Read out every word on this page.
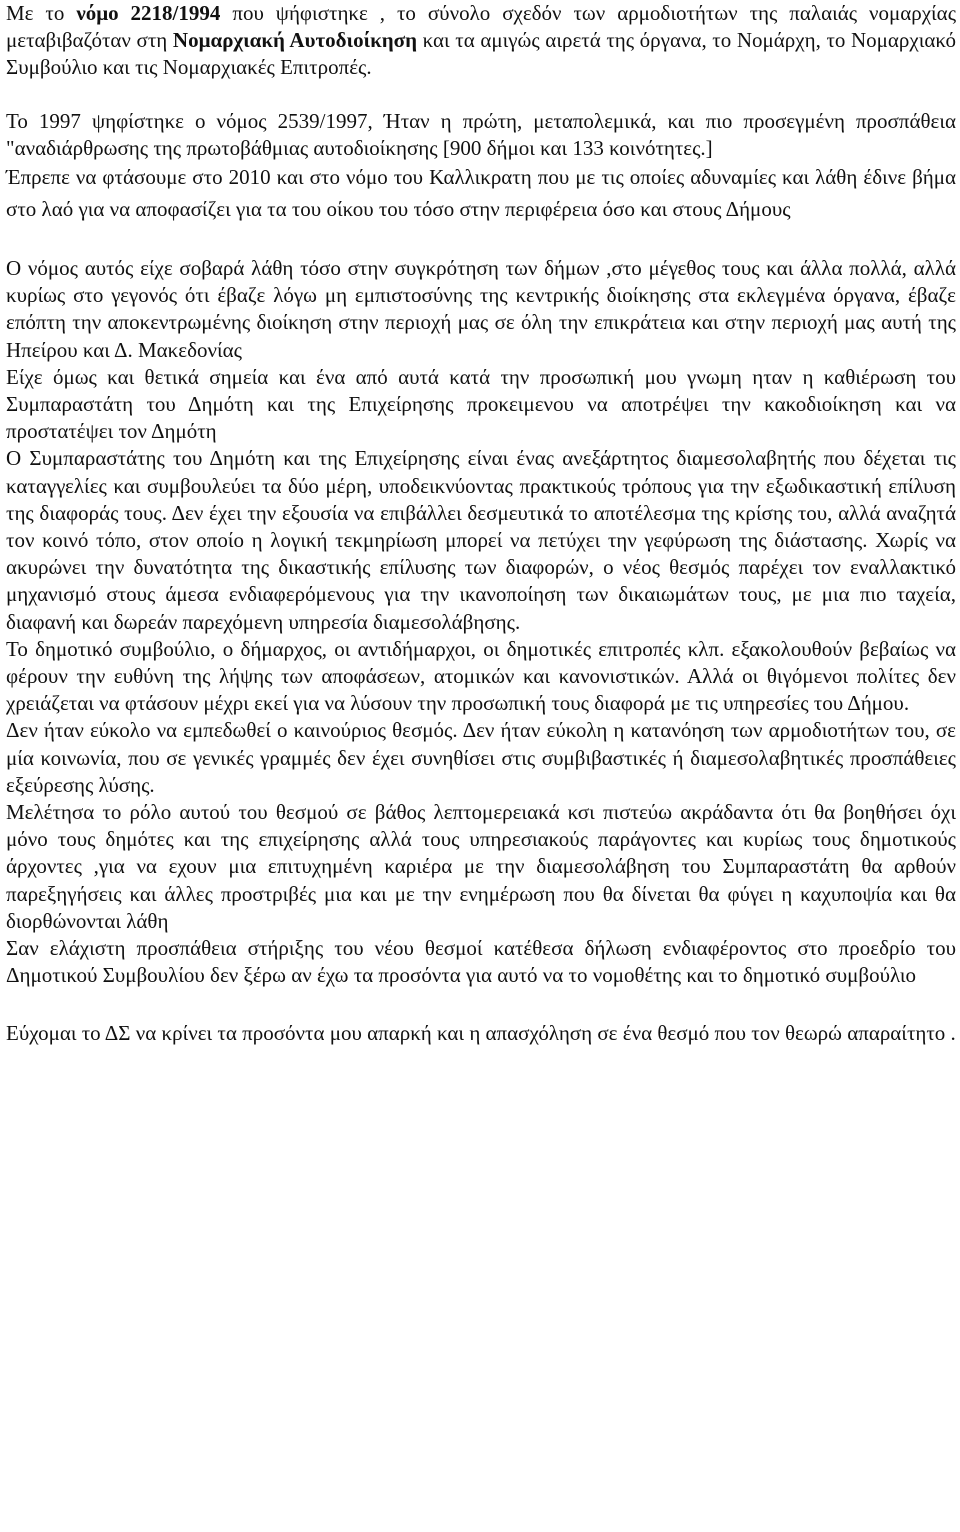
Με το νόμο 2218/1994 που ψήφιστηκε , το σύνολο σχεδόν των αρμοδιοτήτων της παλαιάς νομαρχίας μεταβιβαζόταν στη Νομαρχιακή Αυτοδιοίκηση και τα αμιγώς αιρετά της όργανα, το Νομάρχη, το Νομαρχιακό Συμβούλιο και τις Νομαρχιακές Επιτροπές.

Το 1997 ψηφίστηκε ο νόμος 2539/1997, Ήταν η πρώτη, μεταπολεμικά, και πιο προσεγμένη προσπάθεια "αναδιάρθρωσης της πρωτοβάθμιας αυτοδιοίκησης [900 δήμοι και 133 κοινότητες.]

Έπρεπε να φτάσουμε στο 2010 και στο νόμο του Καλλικρατη που με τις οποίες αδυναμίες και λάθη έδινε βήμα στο λαό για να αποφασίζει για τα του οίκου του τόσο στην περιφέρεια όσο και στους Δήμους

Ο νόμος αυτός είχε σοβαρά λάθη τόσο στην συγκρότηση των δήμων ,στο μέγεθος τους και άλλα πολλά, αλλά κυρίως στο γεγονός ότι έβαζε λόγω μη εμπιστοσύνης της κεντρικής διοίκησης στα εκλεγμένα όργανα, έβαζε επόπτη την αποκεντρωμένης διοίκηση στην περιοχή μας σε όλη την επικράτεια και στην περιοχή μας αυτή της Ηπείρου και Δ. Μακεδονίας

Είχε όμως και θετικά σημεία και ένα από αυτά κατά την προσωπική μου γνωμη ηταν η καθιέρωση του Συμπαραστάτη του Δημότη και της Επιχείρησης προκειμενου να αποτρέψει την κακοδιοίκηση και να προστατέψει τον Δημότη

Ο Συμπαραστάτης του Δημότη και της Επιχείρησης είναι ένας ανεξάρτητος διαμεσολαβητής που δέχεται τις καταγγελίες και συμβουλεύει τα δύο μέρη, υποδεικνύοντας πρακτικούς τρόπους για την εξωδικαστική επίλυση της διαφοράς τους. Δεν έχει την εξουσία να επιβάλλει δεσμευτικά το αποτέλεσμα της κρίσης του, αλλά αναζητά τον κοινό τόπο, στον οποίο η λογική τεκμηρίωση μπορεί να πετύχει την γεφύρωση της διάστασης. Χωρίς να ακυρώνει την δυνατότητα της δικαστικής επίλυσης των διαφορών, ο νέος θεσμός παρέχει τον εναλλακτικό μηχανισμό στους άμεσα ενδιαφερόμενους για την ικανοποίηση των δικαιωμάτων τους, με μια πιο ταχεία, διαφανή και δωρεάν παρεχόμενη υπηρεσία διαμεσολάβησης.

Το δημοτικό συμβούλιο, ο δήμαρχος, οι αντιδήμαρχοι, οι δημοτικές επιτροπές κλπ. εξακολουθούν βεβαίως να φέρουν την ευθύνη της λήψης των αποφάσεων, ατομικών και κανονιστικών. Αλλά οι θιγόμενοι πολίτες δεν χρειάζεται να φτάσουν μέχρι εκεί για να λύσουν την προσωπική τους διαφορά με τις υπηρεσίες του Δήμου.

Δεν ήταν εύκολο να εμπεδωθεί ο καινούριος θεσμός. Δεν ήταν εύκολη η κατανόηση των αρμοδιοτήτων του, σε μία κοινωνία, που σε γενικές γραμμές δεν έχει συνηθίσει στις συμβιβαστικές ή διαμεσολαβητικές προσπάθειες εξεύρεσης λύσης.

Μελέτησα το ρόλο αυτού του θεσμού σε βάθος λεπτομερειακά κσι πιστεύω ακράδαντα ότι θα βοηθήσει όχι μόνο τους δημότες και της επιχείρησης αλλά τους υπηρεσιακούς παράγοντες και κυρίως τους δημοτικούς άρχοντες ,για να εχουν μια επιτυχημένη καριέρα με την διαμεσολάβηση του Συμπαραστάτη θα αρθούν παρεξηγήσεις και άλλες προστριβές μια και με την ενημέρωση που θα δίνεται θα φύγει η καχυποψία και θα διορθώνονται λάθη

Σαν ελάχιστη προσπάθεια στήριξης του νέου θεσμοί κατέθεσα δήλωση ενδιαφέροντος στο προεδρίο του Δημοτικού Συμβουλίου δεν ξέρω αν έχω τα προσόντα για αυτό να το νομοθέτης και το δημοτικό συμβούλιο

Εύχομαι το ΔΣ να κρίνει τα προσόντα μου απαρκή και η απασχόληση σε ένα θεσμό που τον θεωρώ απαραίτητο .
